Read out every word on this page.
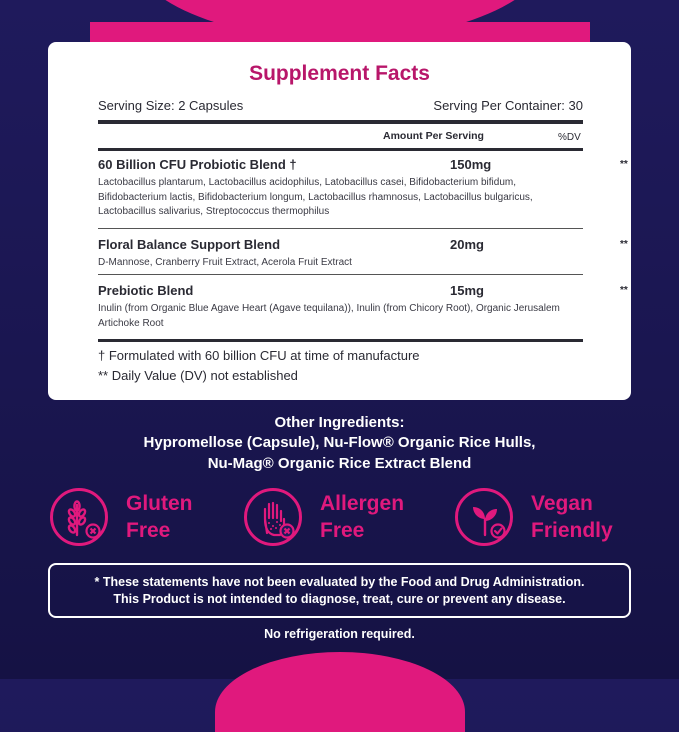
Supplement Facts
Serving Size: 2 Capsules	Serving Per Container: 30
Amount Per Serving	%DV
60 Billion CFU Probiotic Blend †	150mg	**
Lactobacillus plantarum, Lactobacillus acidophilus, Latobacillus casei, Bifidobacterium bifidum, Bifidobacterium lactis, Bifidobacterium longum, Lactobacillus rhamnosus, Lactobacillus bulgaricus, Lactobacillus salivarius, Streptococcus thermophilus
Floral Balance Support Blend	20mg	**
D-Mannose, Cranberry Fruit Extract, Acerola Fruit Extract
Prebiotic Blend	15mg	**
Inulin (from Organic Blue Agave Heart (Agave tequilana)), Inulin (from Chicory Root), Organic Jerusalem Artichoke Root
† Formulated with 60 billion CFU at time of manufacture
** Daily Value (DV) not established
Other Ingredients:
Hypromellose (Capsule), Nu-Flow® Organic Rice Hulls,
Nu-Mag® Organic Rice Extract Blend
Gluten
Free
Allergen
Free
Vegan
Friendly
* These statements have not been evaluated by the Food and Drug Administration.
This Product is not intended to diagnose, treat, cure or prevent any disease.
No refrigeration required.
